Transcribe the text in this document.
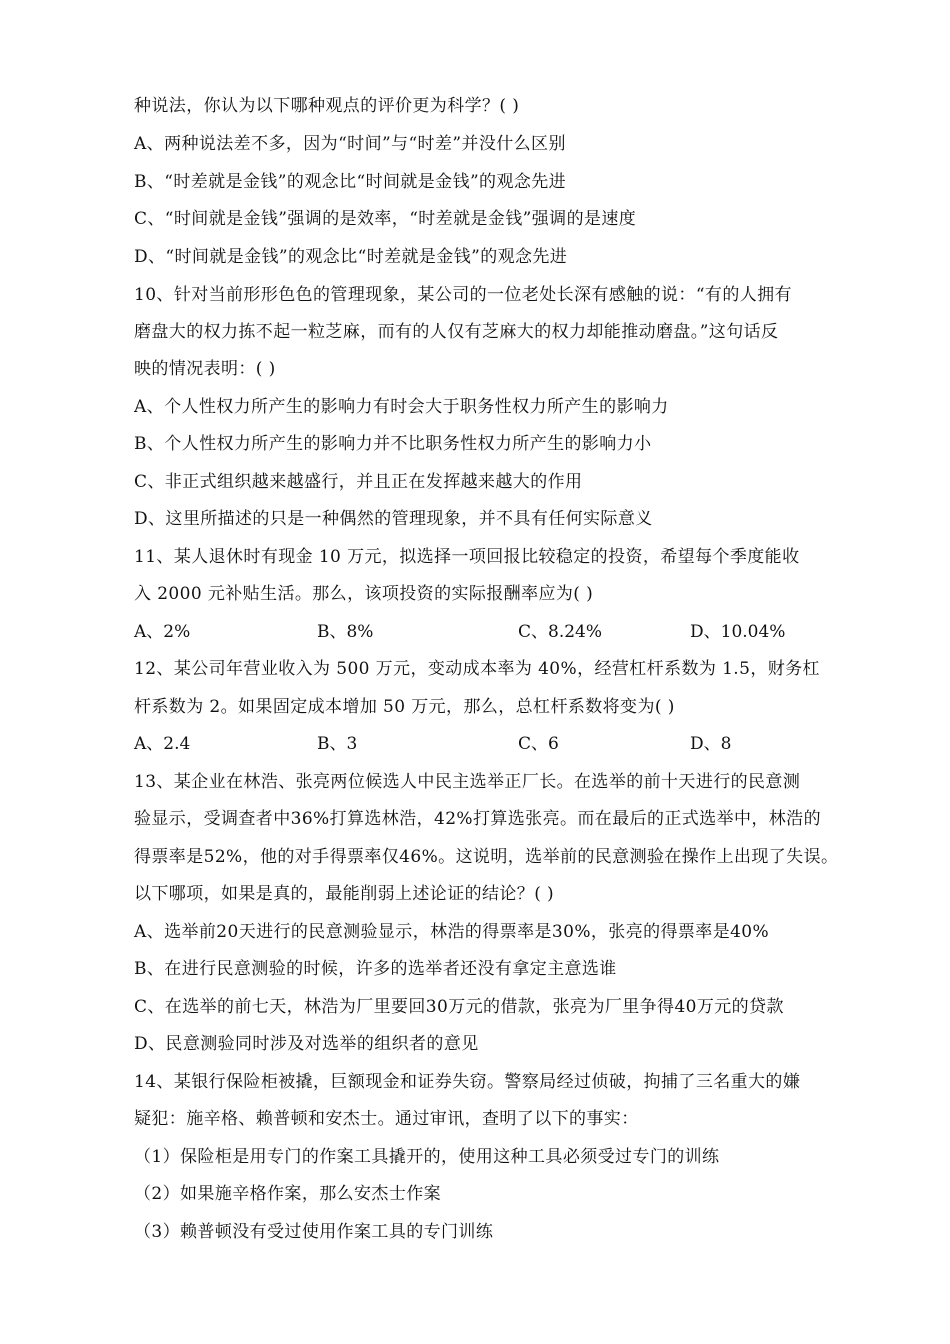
种说法，你认为以下哪种观点的评价更为科学？( )
A、两种说法差不多，因为“时间”与“时差”并没什么区别
B、“时差就是金钱”的观念比“时间就是金钱”的观念先进
C、“时间就是金钱”强调的是效率，“时差就是金钱”强调的是速度
D、“时间就是金钱”的观念比“时差就是金钱”的观念先进
10、针对当前形形色色的管理现象，某公司的一位老处长深有感触的说：“有的人拥有
磨盘大的权力拣不起一粒芝麻，而有的人仅有芝麻大的权力却能推动磨盘。”这句话反
映的情况表明：( )
A、个人性权力所产生的影响力有时会大于职务性权力所产生的影响力
B、个人性权力所产生的影响力并不比职务性权力所产生的影响力小
C、非正式组织越来越盛行，并且正在发挥越来越大的作用
D、这里所描述的只是一种偶然的管理现象，并不具有任何实际意义
11、某人退休时有现金 10 万元，拟选择一项回报比较稳定的投资，希望每个季度能收
入 2000 元补贴生活。那么，该项投资的实际报酬率应为( )
A、2%	B、8%	C、8.24%	D、10.04%
12、某公司年营业收入为 500 万元，变动成本率为 40%，经营杠杆系数为 1.5，财务杠
杆系数为 2。如果固定成本增加 50 万元，那么，总杠杆系数将变为( )
A、2.4	B、3	C、6	D、8
13、某企业在林浩、张亮两位候选人中民主选举正厂长。在选举的前十天进行的民意测
验显示，受调查者中36%打算选林浩，42%打算选张亮。而在最后的正式选举中，林浩的
得票率是52%，他的对手得票率仅46%。这说明，选举前的民意测验在操作上出现了失误。
以下哪项，如果是真的，最能削弱上述论证的结论？( )
A、选举前20天进行的民意测验显示，林浩的得票率是30%，张亮的得票率是40%
B、在进行民意测验的时候，许多的选举者还没有拿定主意选谁
C、在选举的前七天，林浩为厂里要回30万元的借款，张亮为厂里争得40万元的贷款
D、民意测验同时涉及对选举的组织者的意见
14、某银行保险柜被撬，巨额现金和证券失窃。警察局经过侦破，拘捕了三名重大的嫌
疑犯：施辛格、赖普顿和安杰士。通过审讯，查明了以下的事实：
（1）保险柜是用专门的作案工具撬开的，使用这种工具必须受过专门的训练
（2）如果施辛格作案，那么安杰士作案
（3）赖普顿没有受过使用作案工具的专门训练
